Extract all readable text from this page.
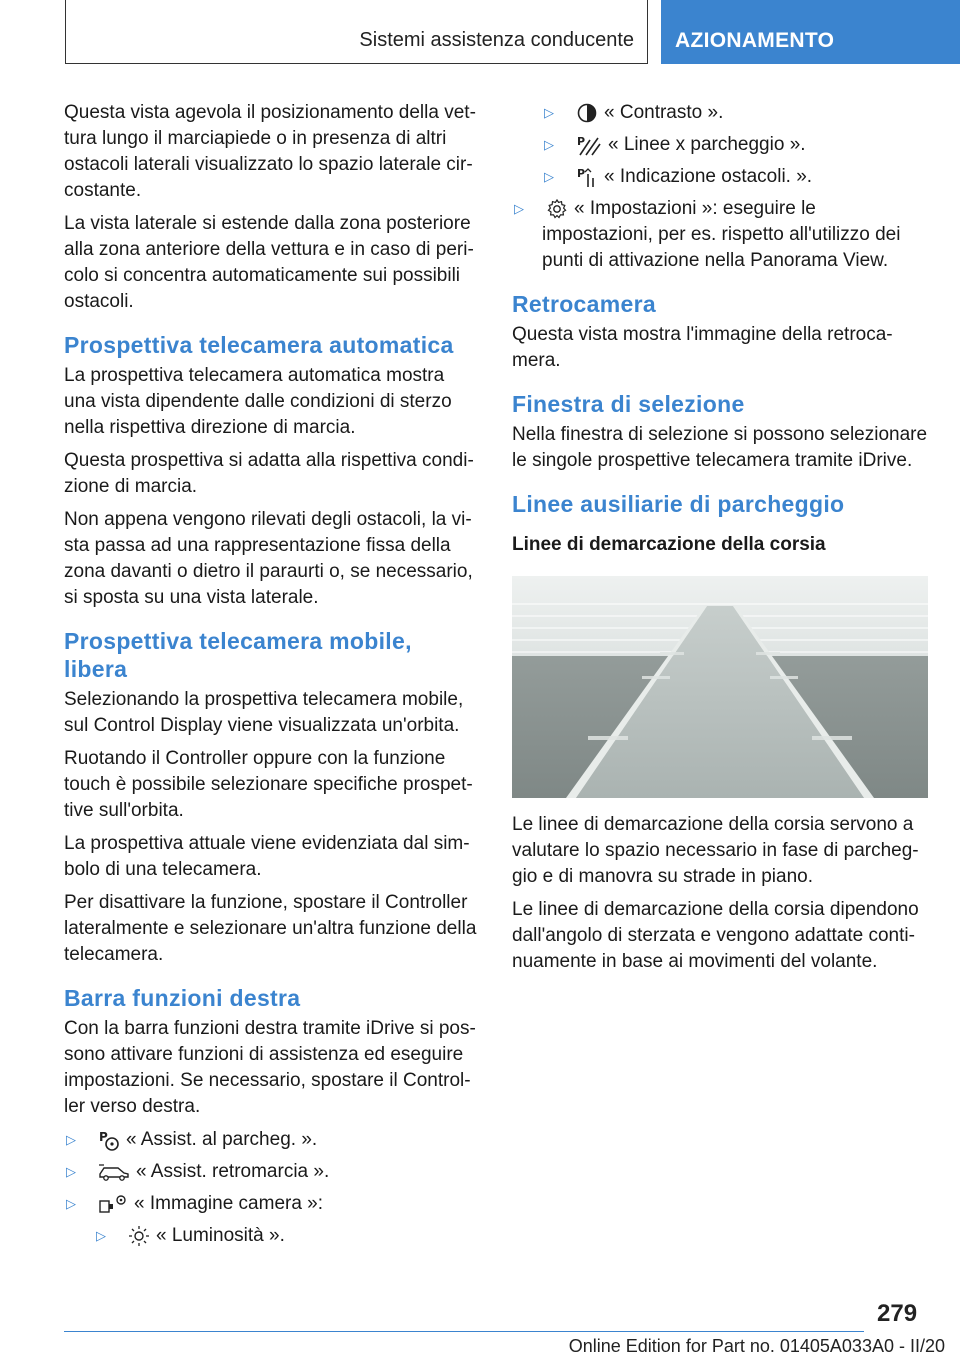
Sistemi assistenza conducente AZIONAMENTO

Questa vista agevola il posizionamento della vettura lungo il marciapiede o in presenza di altri ostacoli laterali visualizzato lo spazio laterale circostante.

La vista laterale si estende dalla zona posteriore alla zona anteriore della vettura e in caso di pericolo si concentra automaticamente sui possibili ostacoli.

Prospettiva telecamera automatica

La prospettiva telecamera automatica mostra una vista dipendente dalle condizioni di sterzo nella rispettiva direzione di marcia.

Questa prospettiva si adatta alla rispettiva condizione di marcia.

Non appena vengono rilevati degli ostacoli, la vista passa ad una rappresentazione fissa della zona davanti o dietro il paraurti o, se necessario, si sposta su una vista laterale.

Prospettiva telecamera mobile, libera

Selezionando la prospettiva telecamera mobile, sul Control Display viene visualizzata un'orbita.

Ruotando il Controller oppure con la funzione touch è possibile selezionare specifiche prospettive sull'orbita.

La prospettiva attuale viene evidenziata dal simbolo di una telecamera.

Per disattivare la funzione, spostare il Controller lateralmente e selezionare un'altra funzione della telecamera.

Barra funzioni destra

Con la barra funzioni destra tramite iDrive si possono attivare funzioni di assistenza ed eseguire impostazioni. Se necessario, spostare il Controller verso destra.

▷ P « Assist. al parcheg. ».
▷	« Assist. retromarcia ».
▷	« Immagine camera »:
▷	« Luminosità ».
▷	« Contrasto ».
▷ P « Linee x parcheggio ».
▷ P « Indicazione ostacoli. ».
▷	« Impostazioni »: eseguire le impostazioni, per es. rispetto all'utilizzo dei punti di attivazione nella Panorama View.
Retrocamera

Questa vista mostra l'immagine della retrocamera.

Finestra di selezione

Nella finestra di selezione si possono selezionare le singole prospettive telecamera tramite iDrive.

Linee ausiliarie di parcheggio
Linee di demarcazione della corsia

Le linee di demarcazione della corsia servono a valutare lo spazio necessario in fase di parcheggio e di manovra su strade in piano.

Le linee di demarcazione della corsia dipendono dall'angolo di sterzata e vengono adattate continuamente in base ai movimenti del volante.

279
Online Edition for Part no. 01405A033A0 - II/20
